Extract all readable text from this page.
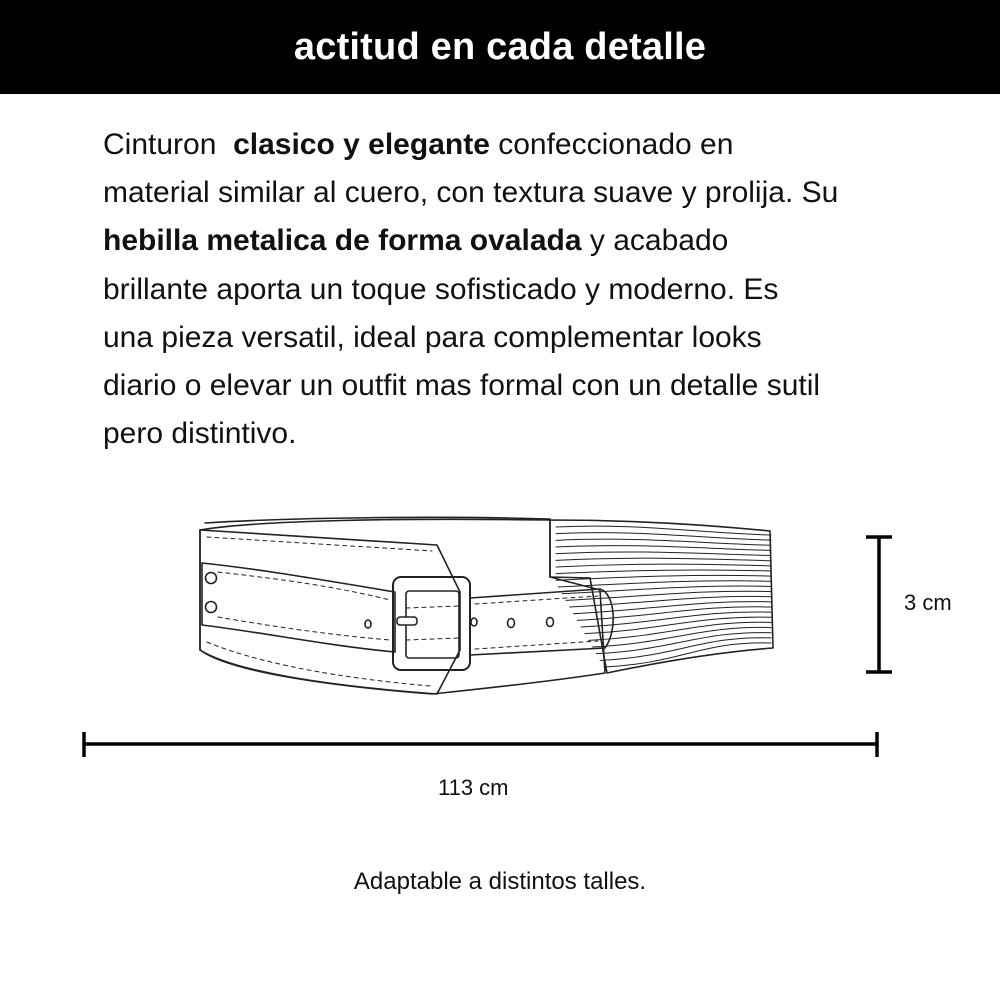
actitud en cada detalle
Cinturon  clasico y elegante confeccionado en
material similar al cuero, con textura suave y prolija. Su
hebilla metalica de forma ovalada y acabado
brillante aporta un toque sofisticado y moderno. Es
una pieza versatil, ideal para complementar looks
diario o elevar un outfit mas formal con un detalle sutil
pero distintivo.
3 cm
113 cm
Adaptable a distintos talles.
